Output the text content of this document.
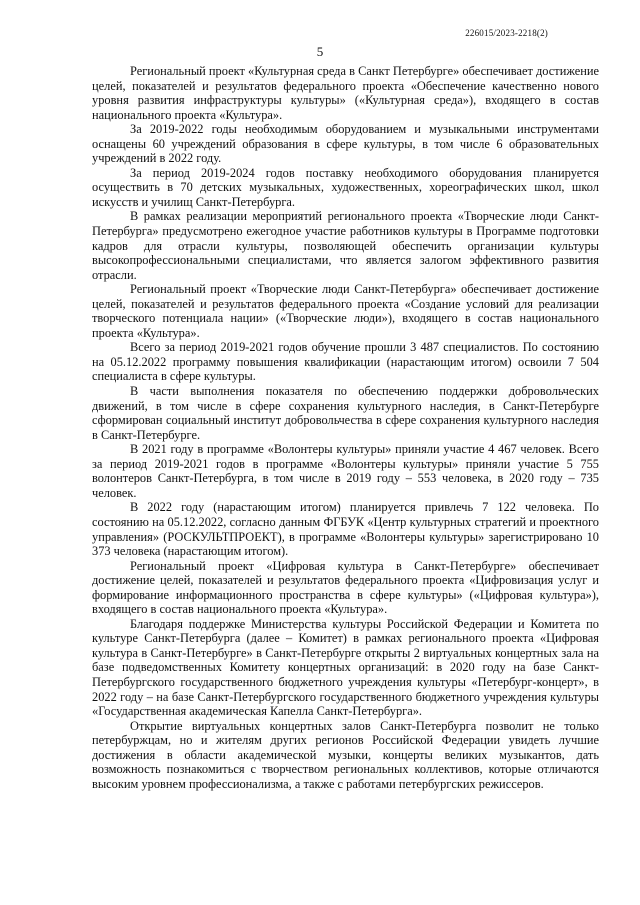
226015/2023-2218(2)
5

Региональный проект «Культурная среда в Санкт Петербурге» обеспечивает достижение целей, показателей и результатов федерального проекта «Обеспечение качественно нового уровня развития инфраструктуры культуры» («Культурная среда»), входящего в состав национального проекта «Культура».

За 2019-2022 годы необходимым оборудованием и музыкальными инструментами оснащены 60 учреждений образования в сфере культуры, в том числе 6 образовательных учреждений в 2022 году.

За период 2019-2024 годов поставку необходимого оборудования планируется осуществить в 70 детских музыкальных, художественных, хореографических школ, школ искусств и училищ Санкт-Петербурга.

В рамках реализации мероприятий регионального проекта «Творческие люди Санкт-Петербурга» предусмотрено ежегодное участие работников культуры в Программе подготовки кадров для отрасли культуры, позволяющей обеспечить организации культуры высокопрофессиональными специалистами, что является залогом эффективного развития отрасли.

Региональный проект «Творческие люди Санкт-Петербурга» обеспечивает достижение целей, показателей и результатов федерального проекта «Создание условий для реализации творческого потенциала нации» («Творческие люди»), входящего в состав национального проекта «Культура».

Всего за период 2019-2021 годов обучение прошли 3 487 специалистов. По состоянию на 05.12.2022 программу повышения квалификации (нарастающим итогом) освоили 7 504 специалиста в сфере культуры.

В части выполнения показателя по обеспечению поддержки добровольческих движений, в том числе в сфере сохранения культурного наследия, в Санкт-Петербурге сформирован социальный институт добровольчества в сфере сохранения культурного наследия в Санкт-Петербурге.

В 2021 году в программе «Волонтеры культуры» приняли участие 4 467 человек. Всего за период 2019-2021 годов в программе «Волонтеры культуры» приняли участие 5 755 волонтеров Санкт-Петербурга, в том числе в 2019 году – 553 человека, в 2020 году – 735 человек.

В 2022 году (нарастающим итогом) планируется привлечь 7 122 человека. По состоянию на 05.12.2022, согласно данным ФГБУК «Центр культурных стратегий и проектного управления» (РОСКУЛЬТПРОЕКТ), в программе «Волонтеры культуры» зарегистрировано 10 373 человека (нарастающим итогом).

Региональный проект «Цифровая культура в Санкт-Петербурге» обеспечивает достижение целей, показателей и результатов федерального проекта «Цифровизация услуг и формирование информационного пространства в сфере культуры» («Цифровая культура»), входящего в состав национального проекта «Культура».

Благодаря поддержке Министерства культуры Российской Федерации и Комитета по культуре Санкт-Петербурга (далее – Комитет) в рамках регионального проекта «Цифровая культура в Санкт-Петербурге» в Санкт-Петербурге открыты 2 виртуальных концертных зала на базе подведомственных Комитету концертных организаций: в 2020 году на базе Санкт-Петербургского государственного бюджетного учреждения культуры «Петербург-концерт», в 2022 году – на базе Санкт-Петербургского государственного бюджетного учреждения культуры «Государственная академическая Капелла Санкт-Петербурга».

Открытие виртуальных концертных залов Санкт-Петербурга позволит не только петербуржцам, но и жителям других регионов Российской Федерации увидеть лучшие достижения в области академической музыки, концерты великих музыкантов, дать возможность познакомиться с творчеством региональных коллективов, которые отличаются высоким уровнем профессионализма, а также с работами петербургских режиссеров.
